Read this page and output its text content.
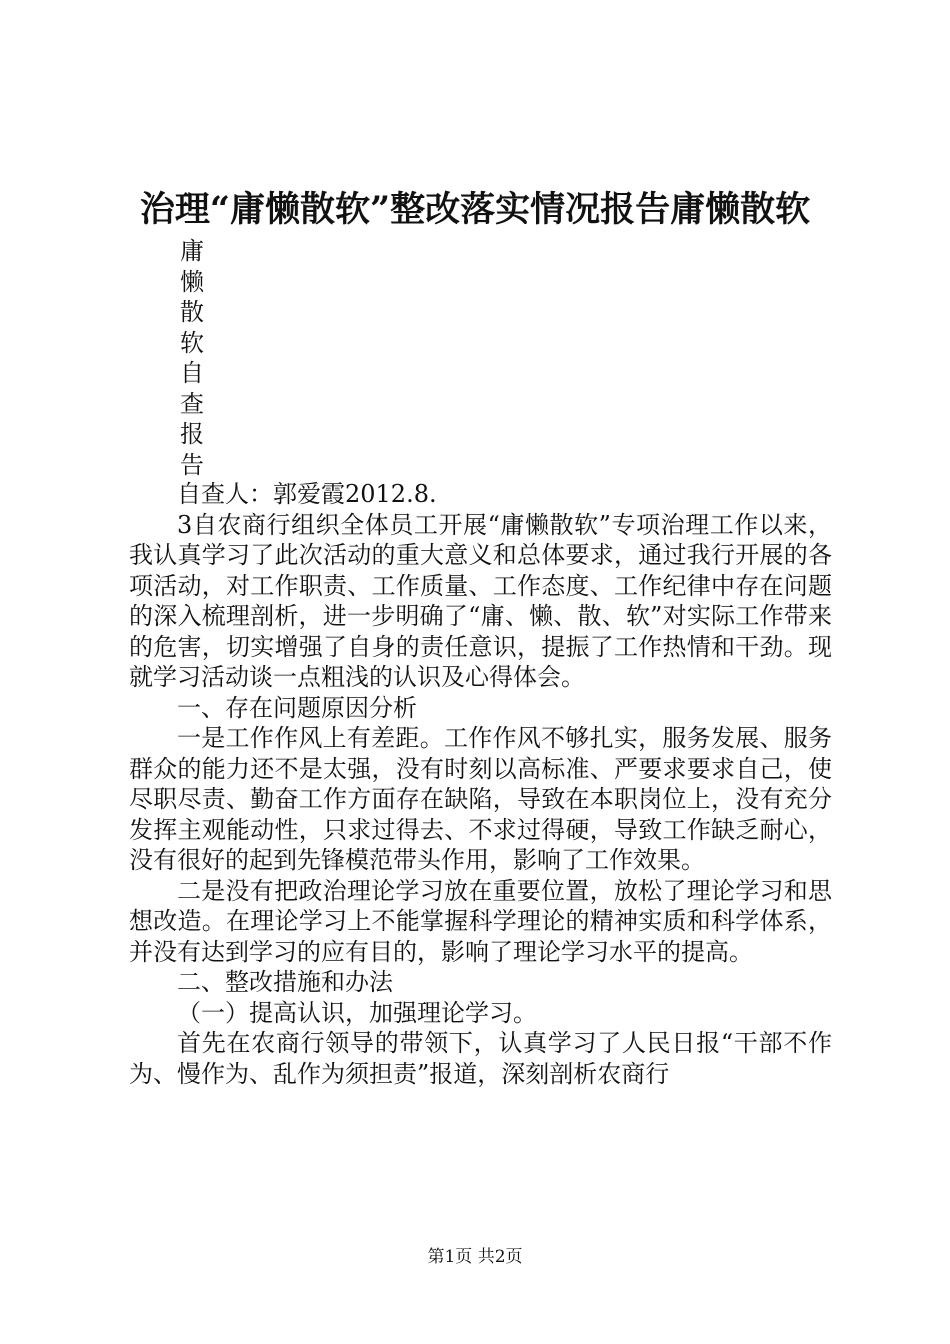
治理“庸懒散软”整改落实情况报告庸懒散软
庸
懒
散
软
自
查
报
告

自查人：郭爱霞2012.8.

3自农商行组织全体员工开展“庸懒散软”专项治理工作以来，我认真学习了此次活动的重大意义和总体要求，通过我行开展的各项活动，对工作职责、工作质量、工作态度、工作纪律中存在问题的深入梳理剖析，进一步明确了“庸、懒、散、软”对实际工作带来的危害，切实增强了自身的责任意识，提振了工作热情和干劲。现就学习活动谈一点粗浅的认识及心得体会。

一、存在问题原因分析

一是工作作风上有差距。工作作风不够扎实，服务发展、服务群众的能力还不是太强，没有时刻以高标准、严要求要求自己，使尽职尽责、勤奋工作方面存在缺陷，导致在本职岗位上，没有充分发挥主观能动性，只求过得去、不求过得硬，导致工作缺乏耐心，没有很好的起到先锋模范带头作用，影响了工作效果。

二是没有把政治理论学习放在重要位置，放松了理论学习和思想改造。在理论学习上不能掌握科学理论的精神实质和科学体系，并没有达到学习的应有目的，影响了理论学习水平的提高。

二、整改措施和办法

（一）提高认识，加强理论学习。

首先在农商行领导的带领下，认真学习了人民日报“干部不作为、慢作为、乱作为须担责”报道，深刻剖析农商行

第1页 共2页
